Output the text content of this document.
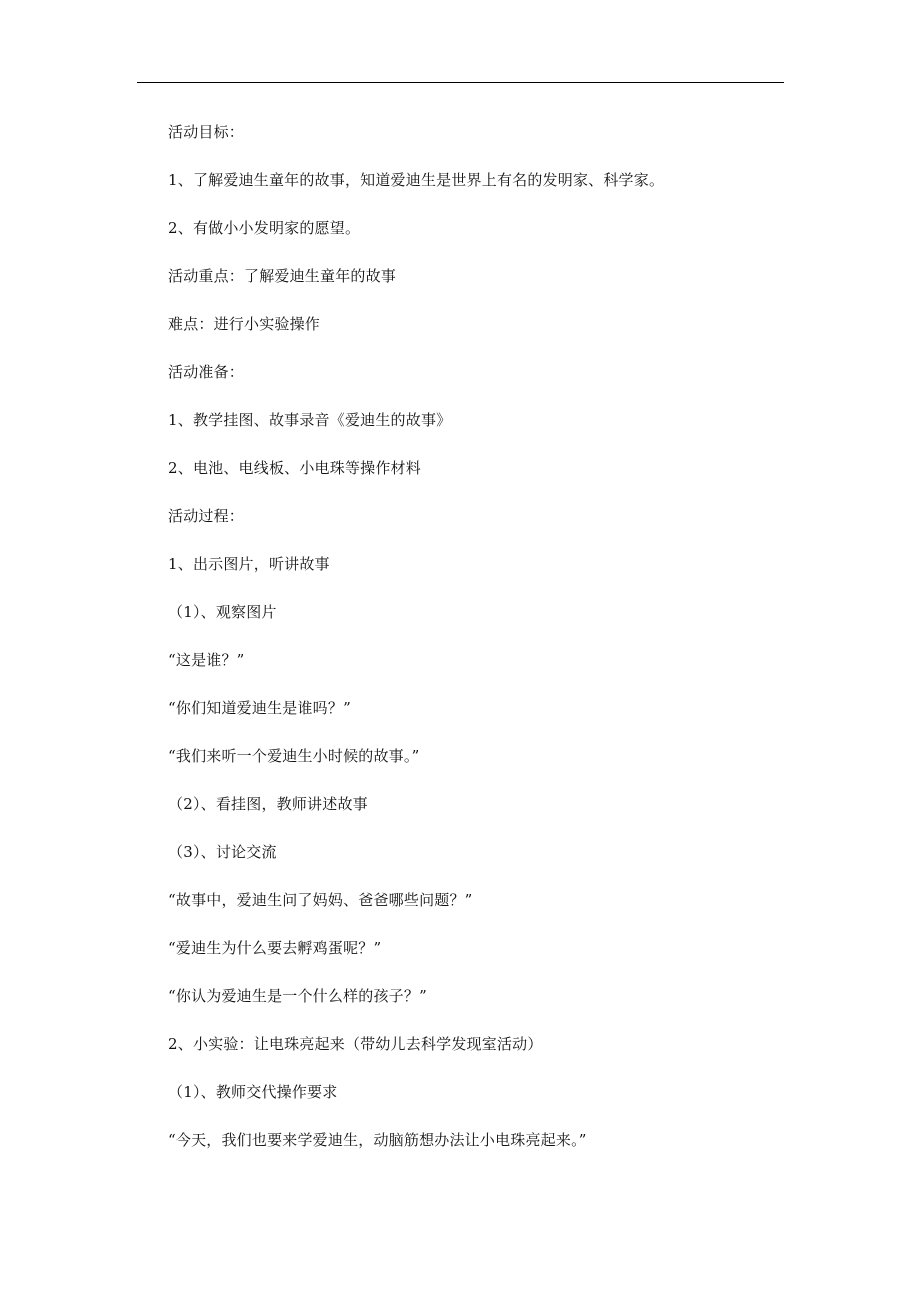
活动目标：
1、了解爱迪生童年的故事，知道爱迪生是世界上有名的发明家、科学家。
2、有做小小发明家的愿望。
活动重点：了解爱迪生童年的故事
难点：进行小实验操作
活动准备：
1、教学挂图、故事录音《爱迪生的故事》
2、电池、电线板、小电珠等操作材料
活动过程：
1、出示图片，听讲故事
（1）、观察图片
“这是谁？”
“你们知道爱迪生是谁吗？”
“我们来听一个爱迪生小时候的故事。”
（2）、看挂图，教师讲述故事
（3）、讨论交流
“故事中，爱迪生问了妈妈、爸爸哪些问题？”
“爱迪生为什么要去孵鸡蛋呢？”
“你认为爱迪生是一个什么样的孩子？”
2、小实验：让电珠亮起来（带幼儿去科学发现室活动）
（1）、教师交代操作要求
“今天，我们也要来学爱迪生，动脑筋想办法让小电珠亮起来。”
